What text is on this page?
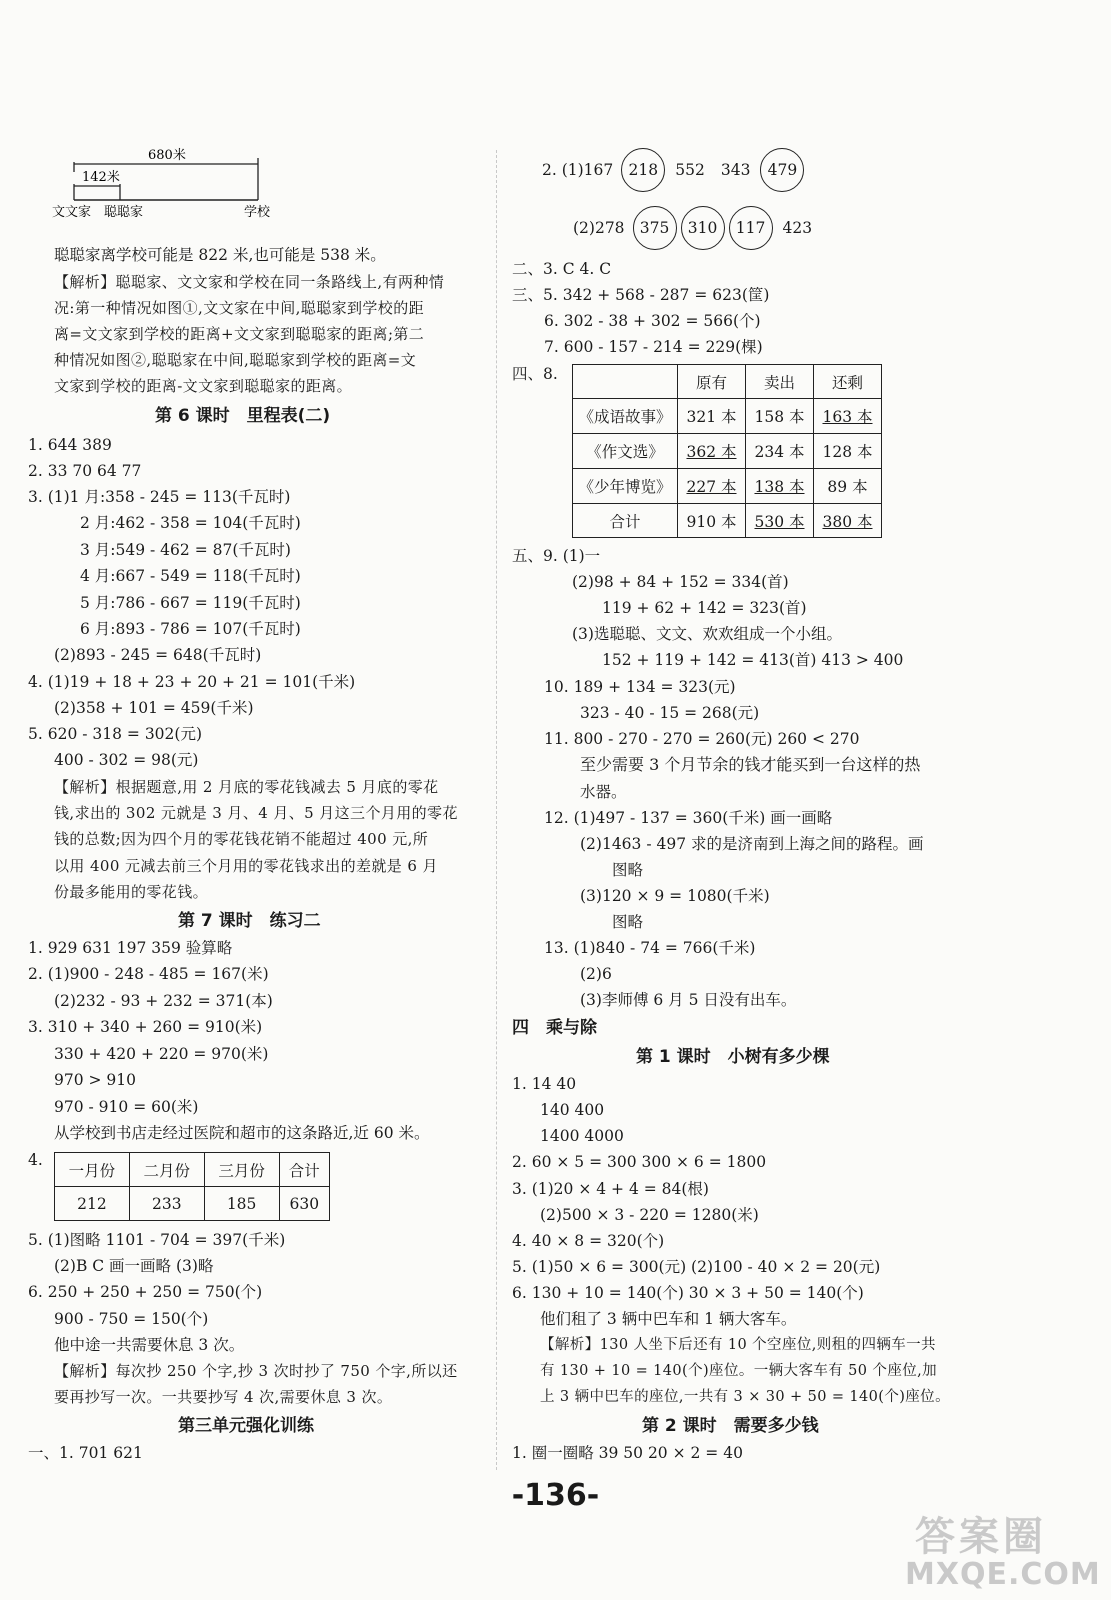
680米
142米
文文家 聪聪家	学校
聪聪家离学校可能是 822 米,也可能是 538 米。
【解析】聪聪家、文文家和学校在同一条路线上,有两种情
况:第一种情况如图①,文文家在中间,聪聪家到学校的距
离=文文家到学校的距离+文文家到聪聪家的距离;第二
种情况如图②,聪聪家在中间,聪聪家到学校的距离=文
文家到学校的距离-文文家到聪聪家的距离。
第 6 课时　里程表(二)
1. 644 389
2. 33 70 64 77
3. (1)1 月:358 - 245 = 113(千瓦时)
2 月:462 - 358 = 104(千瓦时)
3 月:549 - 462 = 87(千瓦时)
4 月:667 - 549 = 118(千瓦时)
5 月:786 - 667 = 119(千瓦时)
6 月:893 - 786 = 107(千瓦时)
(2)893 - 245 = 648(千瓦时)
4. (1)19 + 18 + 23 + 20 + 21 = 101(千米)
(2)358 + 101 = 459(千米)
5. 620 - 318 = 302(元)
400 - 302 = 98(元)
【解析】根据题意,用 2 月底的零花钱减去 5 月底的零花
钱,求出的 302 元就是 3 月、4 月、5 月这三个月用的零花
钱的总数;因为四个月的零花钱花销不能超过 400 元,所
以用 400 元减去前三个月用的零花钱求出的差就是 6 月
份最多能用的零花钱。
第 7 课时　练习二
1. 929 631 197 359 验算略
2. (1)900 - 248 - 485 = 167(米)
(2)232 - 93 + 232 = 371(本)
3. 310 + 340 + 260 = 910(米)
330 + 420 + 220 = 970(米)
970 > 910
970 - 910 = 60(米)
从学校到书店走经过医院和超市的这条路近,近 60 米。
4.
一月份	二月份	三月份	合计
212	233	185	630
5. (1)图略 1101 - 704 = 397(千米)
(2)B C 画一画略 (3)略
6. 250 + 250 + 250 = 750(个)
900 - 750 = 150(个)
他中途一共需要休息 3 次。
【解析】每次抄 250 个字,抄 3 次时抄了 750 个字,所以还
要再抄写一次。一共要抄写 4 次,需要休息 3 次。
第三单元强化训练
一、1. 701 621
2. (1)167 218	552 343	479
(2)278 375	310	117	423
二、3. C 4. C
三、5. 342 + 568 - 287 = 623(筐)
6. 302 - 38 + 302 = 566(个)
7. 600 - 157 - 214 = 229(棵)
四、8.
		原有	卖出	还剩
《成语故事》	321 本	158 本	163 本
《作文选》	362 本	234 本	128 本
《少年博览》	227 本	138 本	89 本
合计	910 本	530 本	380 本
五、9. (1)一
(2)98 + 84 + 152 = 334(首)
119 + 62 + 142 = 323(首)
(3)选聪聪、文文、欢欢组成一个小组。
152 + 119 + 142 = 413(首) 413 > 400
10. 189 + 134 = 323(元)
323 - 40 - 15 = 268(元)
11. 800 - 270 - 270 = 260(元) 260 < 270
至少需要 3 个月节余的钱才能买到一台这样的热
水器。
12. (1)497 - 137 = 360(千米) 画一画略
(2)1463 - 497 求的是济南到上海之间的路程。画
图略
(3)120 × 9 = 1080(千米)
图略
13. (1)840 - 74 = 766(千米)
(2)6
(3)李师傅 6 月 5 日没有出车。
四　乘与除
第 1 课时　小树有多少棵
1. 14 40
140 400
1400 4000
2. 60 × 5 = 300 300 × 6 = 1800
3. (1)20 × 4 + 4 = 84(根)
(2)500 × 3 - 220 = 1280(米)
4. 40 × 8 = 320(个)
5. (1)50 × 6 = 300(元) (2)100 - 40 × 2 = 20(元)
6. 130 + 10 = 140(个) 30 × 3 + 50 = 140(个)
他们租了 3 辆中巴车和 1 辆大客车。
【解析】130 人坐下后还有 10 个空座位,则租的四辆车一共
有 130 + 10 = 140(个)座位。一辆大客车有 50 个座位,加
上 3 辆中巴车的座位,一共有 3 × 30 + 50 = 140(个)座位。
第 2 课时　需要多少钱
1. 圈一圈略 39 50 20 × 2 = 40
-136-
答案圈
MXQE.COM
